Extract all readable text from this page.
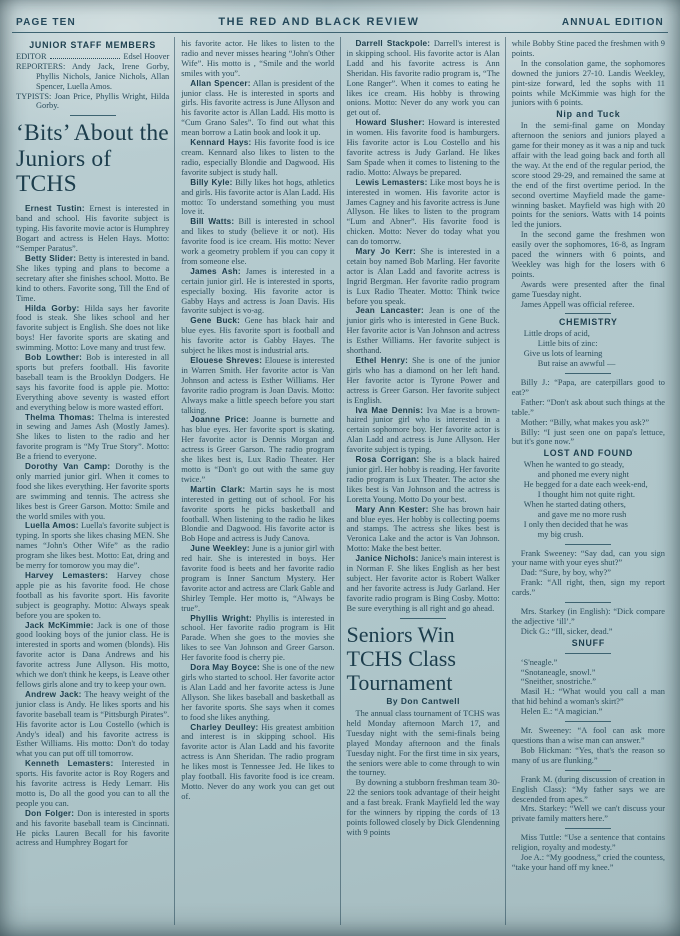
PAGE TEN	THE RED AND BLACK REVIEW	ANNUAL EDITION

JUNIOR STAFF MEMBERS

EDITOR	Edsel Hoover

REPORTERS: Andy Jack, Irene Gorby, Phyllis Nichols, Janice Nichols, Allan Spencer, Luella Amos.

TYPISTS: Joan Price, Phyllis Wright, Hilda Gorby.

‘Bits’ About the Juniors of TCHS

Ernest Tustin: Ernest is interested in band and school. His favorite subject is typing. His favorite movie actor is Humphrey Bogart and actress is Helen Hays. Motto: “Semper Paratus”.

Betty Slider: Betty is interested in band. She likes typing and plans to become a secretary after she finishes school. Motto. Be kind to others. Favorite song, Till the End of Time.

Hilda Gorby: Hilda says her favorite food is steak. She likes school and her favorite subject is English. She does not like boys! Her favorite sports are skating and swimming. Motto: Love many and trust few.

Bob Lowther: Bob is interested in all sports but prefers football. His favorite baseball team is the Brooklyn Dodgers. He says his favorite food is apple pie. Motto: Everything above seventy is wasted effort and everything below is more wasted effort.

Thelma Thomas: Thelma is interested in sewing and James Ash (Mostly James). She likes to listen to the radio and her favorite program is “My True Story”. Motto: Be a friend to everyone.

Dorothy Van Camp: Dorothy is the only married junior girl. When it comes to food she likes everything. Her favorite sports are swimming and tennis. The actress she likes best is Greer Garson. Motto: Smile and the world smiles with you.

Luella Amos: Luella's favorite subject is typing. In sports she likes chasing MEN. She names “John's Other Wife” as the radio program she likes best. Motto: Eat, dring and be merry for tomorow you may die”.

Harvey Lemasters: Harvey chose apple pie as his favorite food. He chose football as his favorite sport. His favorite subject is geography. Motto: Always speak before you are spoken to.

Jack McKimmie: Jack is one of those good looking boys of the junior class. He is interested in sports and women (blonds). His favorite actor is Dana Andrews and his favorite actress June Allyson. His motto, which we don't think he keeps, is Leave other fellows girls alone and try to keep your own.

Andrew Jack: The heavy weight of the junior class is Andy. He likes sports and his favorite baseball team is “Pittsburgh Pirates”. His favorite actor is Lou Costello (which is Andy's ideal) and his favorite actress is Esther Williams. His motto: Don't do today what you can put off till tomorrow.

Kenneth Lemasters: Interested in sports. His favorite actor is Roy Rogers and his favorite actress is Hedy Lemarr. His motto is, Do all the good you can to all the people you can.

Don Folger: Don is interested in sports and his favorite baseball team is Cincinnati. He picks Lauren Becall for his favorite actress and Humphrey Bogart for

his favorite actor. He likes to listen to the radio and never misses hearing “John's Other Wife”. His motto is , “Smile and the world smiles with you”.

Allan Spencer: Allan is president of the junior class. He is interested in sports and girls. His favorite actress is June Allyson and his favorite actor is Allan Ladd. His motto is “Cum Grano Sales”. To find out what this mean borrow a Latin book and look it up.

Kennard Hays: His favorite food is ice cream. Kennard also likes to listen to the radio, especially Blondie and Dagwood. His favorite subject is study hall.

Billy Kyle: Billy likes hot hogs, athletics and girls. His favorite actor is Alan Ladd. His motto: To understand something you must love it.

Bill Watts: Bill is interested in school and likes to study (believe it or not). His favorite food is ice cream. His motto: Never work a geometry problem if you can copy it from someone else.

James Ash: James is interested in a certain junior girl. He is interested in sports, especially boxing. His favorite actor is Gabby Hays and actress is Joan Davis. His favorite subject is vo-ag.

Gene Buck: Gene has black hair and blue eyes. His favorite sport is football and his favorite actor is Gabby Hayes. The subject he likes most is industrial arts.

Elouese Shreves: Elouese is interested in Warren Smith. Her favorite actor is Van Johnson and actess is Esther Williams. Her favorite radio program is Joan Davis. Motto: Always make a little speech before you start talking.

Joanne Price: Joanne is burnette and has blue eyes. Her favorite sport is skating. Her favorite actor is Dennis Morgan and actress is Greer Garson. The radio program she likes best is, Lux Radio Theater. Her motto is “Don't go out with the same guy twice.”

Martin Clark: Martin says he is most interested in getting out of school. For his favorite sports he picks basketball and football. When listening to the radio he likes Blondie and Dagwood. His favorite actor is Bob Hope and actress is Judy Canova.

June Weekley: June is a junior girl with red hair. She is interested in boys. Her favorite food is beets and her favorite radio program is Inner Sanctum Mystery. Her favorite actor and actress are Clark Gable and Shirley Temple. Her motto is, “Always be true”.

Phyllis Wright: Phyllis is interested in school. Her favorite radio program is Hit Parade. When she goes to the movies she likes to see Van Johnson and Greer Garson. Her favorite food is cherry pie.

Dora May Boyce: She is one of the new girls who started to school. Her favorite actor is Alan Ladd and her favorite actess is June Allyson. She likes baseball and basketball as her favorite sports. She says when it comes to food she likes anything.

Charley Deulley: His greatest ambition and interest is in skipping school. His favorite actor is Alan Ladd and his favorite actress is Ann Sheridan. The radio program he likes most is Tennessee Jed. He likes to play football. His favorite food is ice cream. Motto. Never do any work you can get out of.

Darrell Stackpole: Darrell's interest is in skipping school. His favorite actor is Alan Ladd and his favorite actress is Ann Sheridan. His favorite radio program is, “The Lone Ranger”. When it comes to eating he likes ice cream. His hobby is throwing onions. Motto: Never do any work you can get out of.

Howard Slusher: Howard is interested in women. His favorite food is hamburgers. His favorite actor is Lou Costello and his favorite actress is Judy Garland. He likes Sam Spade when it comes to listening to the radio. Motto: Always be prepared.

Lewis Lemasters: Like most boys he is interested in women. His favorite actor is James Cagney and his favorite actress is June Allyson. He likes to listen to the program “Lum and Abner”. His favorite food is chicken. Motto: Never do today what you can do tomorrw.

Mary Jo Kerr: She is interested in a cetain boy named Bob Marling. Her favorite actor is Alan Ladd and favorite actress is Ingrid Bergman. Her favorite radio program is Lux Radio Theater. Motto: Think twice before you speak.

Jean Lancaster: Jean is one of the junior girls who is interested in Gene Buck. Her favorite actor is Van Johnson and actress is Esther Williams. Her favorite subject is shorthand.

Ethel Henry: She is one of the junior girls who has a diamond on her left hand. Her favorite actor is Tyrone Power and actress is Greer Garson. Her favorite subject is English.

Iva Mae Dennis: Iva Mae is a brown-haired junior girl who is interested in a certain sophomore boy. Her favorite actor is Alan Ladd and actress is June Allyson. Her favorite subject is typing.

Rosa Corrigan: She is a black haired junior girl. Her hobby is reading. Her favorite radio program is Lux Theater. The actor she likes best is Van Johnson and the actress is Loretta Young. Motto Do your best.

Mary Ann Kester: She has brown hair and blue eyes. Her hobby is collecting poems and stamps. The actress she likes best is Veronica Lake and the actor is Van Johnson. Motto: Make the best better.

Janice Nichols: Janice's main interest is in Norman F. She likes English as her best subject. Her favorite actor is Robert Walker and her favorite actress is Judy Garland. Her favorite radio program is Bing Cosby. Motto: Be sure everything is all right and go ahead.

Seniors Win TCHS Class Tournament

By Don Cantwell

The annual class tournament of TCHS was held Monday afternoon March 17, and Tuesday night with the semi-finals being played Monday afternoon and the finals Tuesday night. For the first time in six years, the seniors were able to come through to win the tourney.

By downing a stubborn freshman team 30-22 the seniors took advantage of their height and a fast break. Frank Mayfield led the way for the winners by ripping the cords of 13 points followed closely by Dick Glendenning with 9 points

while Bobby Stine paced the freshmen with 9 points.

In the consolation game, the sophomores downed the juniors 27-10. Landis Weekley, pint-size forward, led the sophs with 11 points while McKimmie was high for the juniors with 6 points.

Nip and Tuck

In the semi-final game on Monday afternoon the seniors and juniors played a game for their money as it was a nip and tuck affair with the lead going back and forth all the way. At the end of the regular period, the score stood 29-29, and remained the same at the end of the first overtime period. In the second overtime Mayfield made the game-winning basket. Mayfield was high with 20 points for the seniors. Watts with 14 points led the juniors.

In the second game the freshmen won easily over the sophomores, 16-8, as Ingram paced the winners with 6 points, and Weekley was high for the losers with 6 points.

Awards were presented after the final game Tuesday night.

James Appell was official referee.

CHEMISTRY

Little drops of acid,

Little bits of zinc:

Give us lots of learning

But raise an awwful —

Billy J.: “Papa, are caterpillars good to eat?”

Father: “Don't ask about such things at the table.”

Mother: “Billy, what makes you ask?”

Billy: “I just seen one on papa's lettuce, but it's gone now.”

LOST AND FOUND

When he wanted to go steady,

and phoned me every night

He begged for a date each week-end,

I thought him not quite right.

When he started dating others,

and gave me no more rush

I only then decided that he was

my big crush.

Frank Sweeney: “Say dad, can you sign your name with your eyes shut?”

Dad: “Sure, by boy, why?”

Frank: “All right, then, sign my report cards.”

Mrs. Starkey (in English): “Dick compare the adjective ‘ill’.”

Dick G.: “Ill, sicker, dead.”

SNUFF

‘S'neagle.”

“Snotaneagle, snowl.”

“Sneither, snostriche.”

Masil H.: “What would you call a man that hid behind a woman's skirt?”

Helen E.: “A magician.”

Mr. Sweeney: “A fool can ask more questions than a wise man can answer.”

Bob Hickman: “Yes, that's the reason so many of us are flunking.”

Frank M. (during discussion of creation in English Class): “My father says we are descended from apes.”

Mrs. Starkey: “Well we can't discuss your private family matters here.”

Miss Tuttle: “Use a sentence that contains religion, royalty and modesty.”

Joe A.: “My goodness,” cried the countess, “take your hand off my knee.”
